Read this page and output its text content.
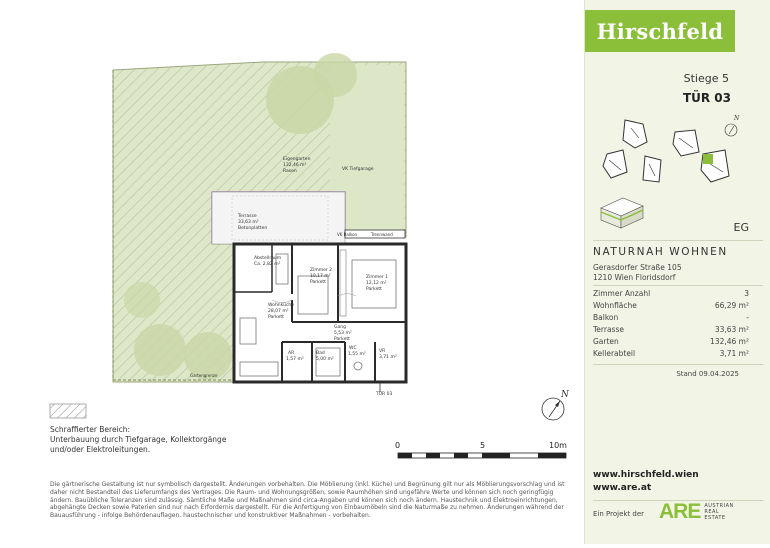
Eigengarten
132,46 m²
Rasen	VK Tiefgarage
Terrasse
33,63 m²
Betonplatten
VK Balkon	Trennwand
Abstellraum
Ca. 2,82 m²
Zimmer 2
10,17 m²
Parkett
Zimmer 1
12,12 m²
Parkett
Wohnküche
28,07 m²
Parkett
Gang
5,53 m²
Parkett
AR
1,57 m²
Bad
5,00 m²
WC
1,55 m²
VR
3,71 m²
Gartengrenze
TÜR 03	N
Schraffierter Bereich:
Unterbauung durch Tiefgarage, Kollektorgänge
und/oder Elektroleitungen.	0	5	10m
Die gärtnerische Gestaltung ist nur symbolisch dargestellt. Änderungen vorbehalten. Die Möblierung (inkl. Küche) und Begrünung gilt nur als Möblierungsvorschlag und ist daher nicht Bestandteil des Lieferumfangs des Vertrages. Die Raum- und Wohnungsgrößen, sowie Raumhöhen sind ungefähre Werte und können sich noch geringfügig ändern. Bauübliche Toleranzen sind zulässig. Sämtliche Maße und Maßnahmen sind circa-Angaben und können sich noch ändern. Haustechnik und Elektroeinrichtungen, abgehängte Decken sowie Paterien sind nur nach Erfordernis dargestellt. Für die Anfertigung von Einbaumöbeln sind die Naturmaße zu nehmen. Änderungen während der Bauausführung - infolge Behördenauflagen, haustechnischer und konstruktiver Maßnahmen - vorbehalten.
Hirschfeld
Stiege 5
TÜR 03
N
EG
NATURNAH WOHNEN
Gerasdorfer Straße 105
1210 Wien Floridsdorf
Zimmer Anzahl	3
Wohnfläche	66,29 m²
Balkon	-
Terrasse	33,63 m²
Garten	132,46 m²
Kellerabteil	3,71 m²
Stand 09.04.2025
www.hirschfeld.wien
www.are.at
Ein Projekt der ARE AUSTRIAN
REAL
ESTATE
